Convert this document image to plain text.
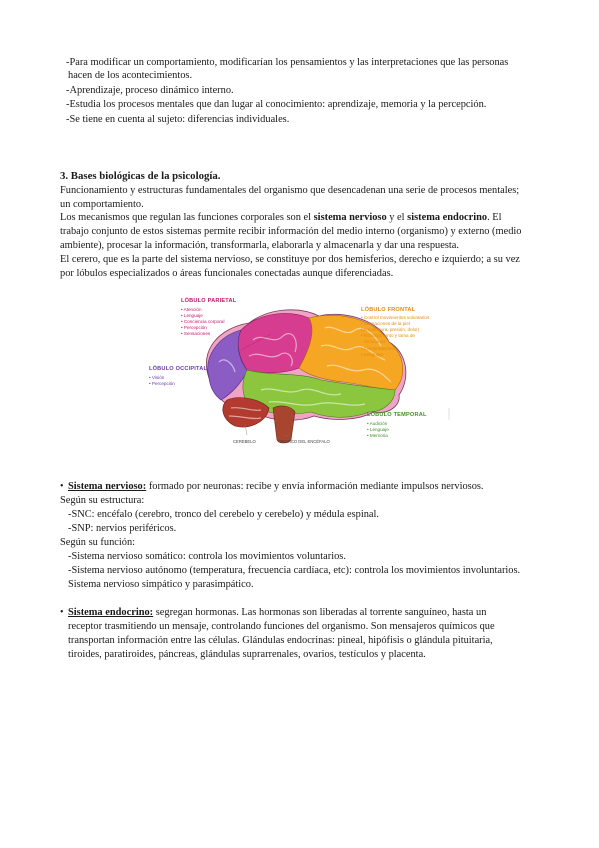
-Para modificar un comportamiento, modificarían los pensamientos y las interpretaciones que las personas
hacen de los acontecimientos.
-Aprendizaje, proceso dinámico interno.
-Estudia los procesos mentales que dan lugar al conocimiento: aprendizaje, memoria y la percepción.
-Se tiene en cuenta al sujeto: diferencias individuales.
3. Bases biológicas de la psicología.
Funcionamiento y estructuras fundamentales del organismo que desencadenan una serie de procesos mentales;
un comportamiento.
Los mecanismos que regulan las funciones corporales son el sistema nervioso y el sistema endocrino. El
trabajo conjunto de estos sistemas permite recibir información del medio interno (organismo) y externo (medio
ambiente), procesar la información, transformarla, elaborarla y almacenarla y dar una respuesta.
El cerero, que es la parte del sistema nervioso, se constituye por dos hemisferios, derecho e izquierdo; a su vez
por lóbulos especializados o áreas funcionales conectadas aunque diferenciadas.
LÓBULO PARIETAL
• Atención
• Lenguaje
• Conciencia corporal
• Percepción
• Sensaciones
LÓBULO FRONTAL
• Control movimientos voluntarios
• Sensaciones de la piel
(temperatura, presión, dolor)
• Razonamiento y toma de
decisiones
• Comportamiento
• Lenguaje
LÓBULO OCCIPITAL
• Visión
• Percepción
LÓBULO TEMPORAL
• Audición
• Lenguaje
• Memoria
CEREBELO	TRONCO DEL ENCÉFALO
• Sistema nervioso: formado por neuronas: recibe y envía información mediante impulsos nerviosos.
Según su estructura:
-SNC: encéfalo (cerebro, tronco del cerebelo y cerebelo) y médula espinal.
-SNP: nervios periféricos.
Según su función:
-Sistema nervioso somático: controla los movimientos voluntarios.
-Sistema nervioso autónomo (temperatura, frecuencia cardíaca, etc): controla los movimientos involuntarios.
Sistema nervioso simpático y parasimpático.
• Sistema endocrino: segregan hormonas. Las hormonas son liberadas al torrente sanguíneo, hasta un
receptor trasmitiendo un mensaje, controlando funciones del organismo. Son mensajeros químicos que
transportan información entre las células. Glándulas endocrinas: pineal, hipófisis o glándula pituitaria,
tiroides, paratiroides, páncreas, glándulas suprarrenales, ovarios, testículos y placenta.
